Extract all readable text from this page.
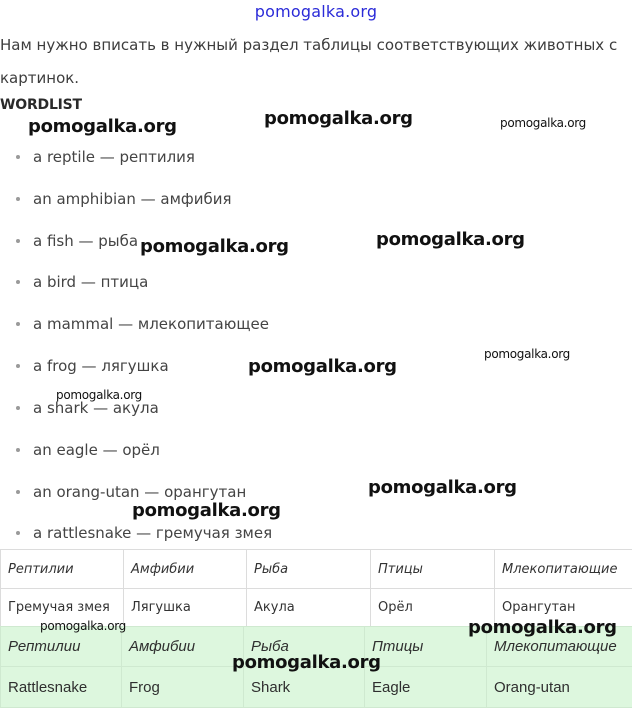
pomogalka.org
Нам нужно вписать в нужный раздел таблицы соответствующих животных с картинок.
WORDLIST
a reptile — рептилия
an amphibian — амфибия
a fish — рыба
a bird — птица
a mammal — млекопитающее
a frog — лягушка
a shark — акула
an eagle — орёл
an orang-utan — орангутан
a rattlesnake — гремучая змея
Рептилии	Амфибии	Рыба	Птицы	Млекопитающие
Гремучая змея	Лягушка	Акула	Орёл	Орангутан
Рептилии	Амфибии	Рыба	Птицы	Млекопитающие
Rattlesnake	Frog	Shark	Eagle	Orang-utan
pomogalka.org	pomogalka.org	pomogalka.org
pomogalka.org	pomogalka.org
pomogalka.org
pomogalka.org
pomogalka.org
pomogalka.org
pomogalka.org
pomogalka.org	pomogalka.org
pomogalka.org
